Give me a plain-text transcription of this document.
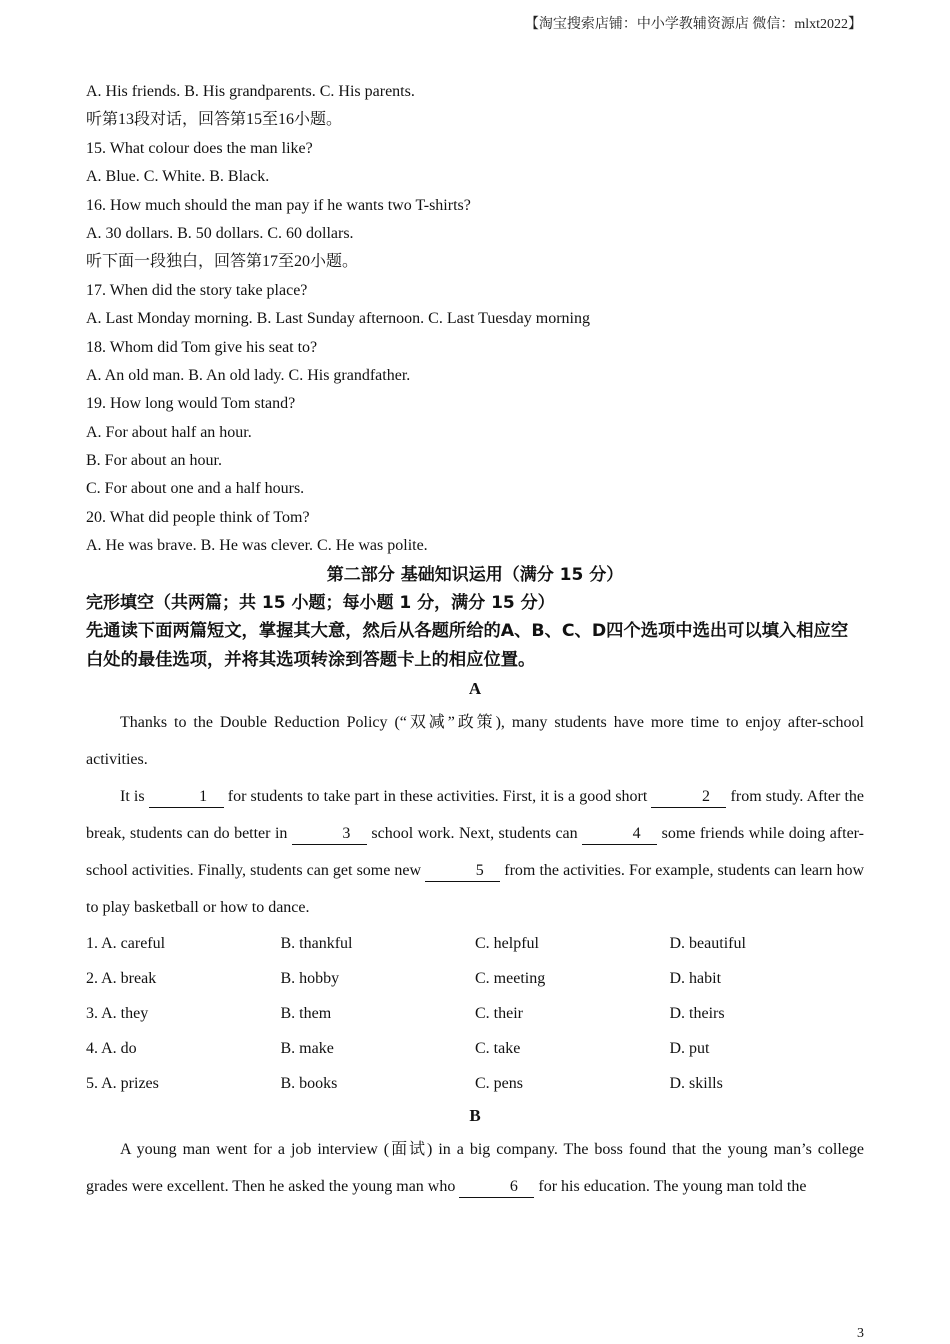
【淘宝搜索店铺：中小学教辅资源店 微信：mlxt2022】
A. His friends. B. His grandparents. C. His parents.
听第13段对话，回答第15至16小题。
15. What colour does the man like?
A. Blue. C. White. B. Black.
16. How much should the man pay if he wants two T-shirts?
A. 30 dollars. B. 50 dollars. C. 60 dollars.
听下面一段独白，回答第17至20小题。
17. When did the story take place?
A. Last Monday morning. B. Last Sunday afternoon. C. Last Tuesday morning
18. Whom did Tom give his seat to?
A. An old man. B. An old lady. C. His grandfather.
19. How long would Tom stand?
A. For about half an hour.
B. For about an hour.
C. For about one and a half hours.
20. What did people think of Tom?
A. He was brave. B. He was clever. C. He was polite.
第二部分 基础知识运用（满分 15 分）
完形填空（共两篇；共 15 小题；每小题 1 分，满分 15 分）
先通读下面两篇短文，掌握其大意，然后从各题所给的A、B、C、D四个选项中选出可以填入相应空白处的最佳选项，并将其选项转涂到答题卡上的相应位置。
A
Thanks to the Double Reduction Policy (“双减”政策), many students have more time to enjoy after-school activities.
It is	1 for students to take part in these activities. First, it is a good short	2 from study. After the break, students can do better in	3 school work. Next, students can	4 some friends while doing after-school activities. Finally, students can get some new	5 from the activities. For example, students can learn how to play basketball or how to dance.
1. A. careful	B. thankful	C. helpful	D. beautiful
2. A. break	B. hobby	C. meeting	D. habit
3. A. they	B. them	C. their	D. theirs
4. A. do	B. make	C. take	D. put
5. A. prizes	B. books	C. pens	D. skills
B
A young man went for a job interview (面试) in a big company. The boss found that the young man’s college grades were excellent. Then he asked the young man who	6 for his education. The young man told the
3
